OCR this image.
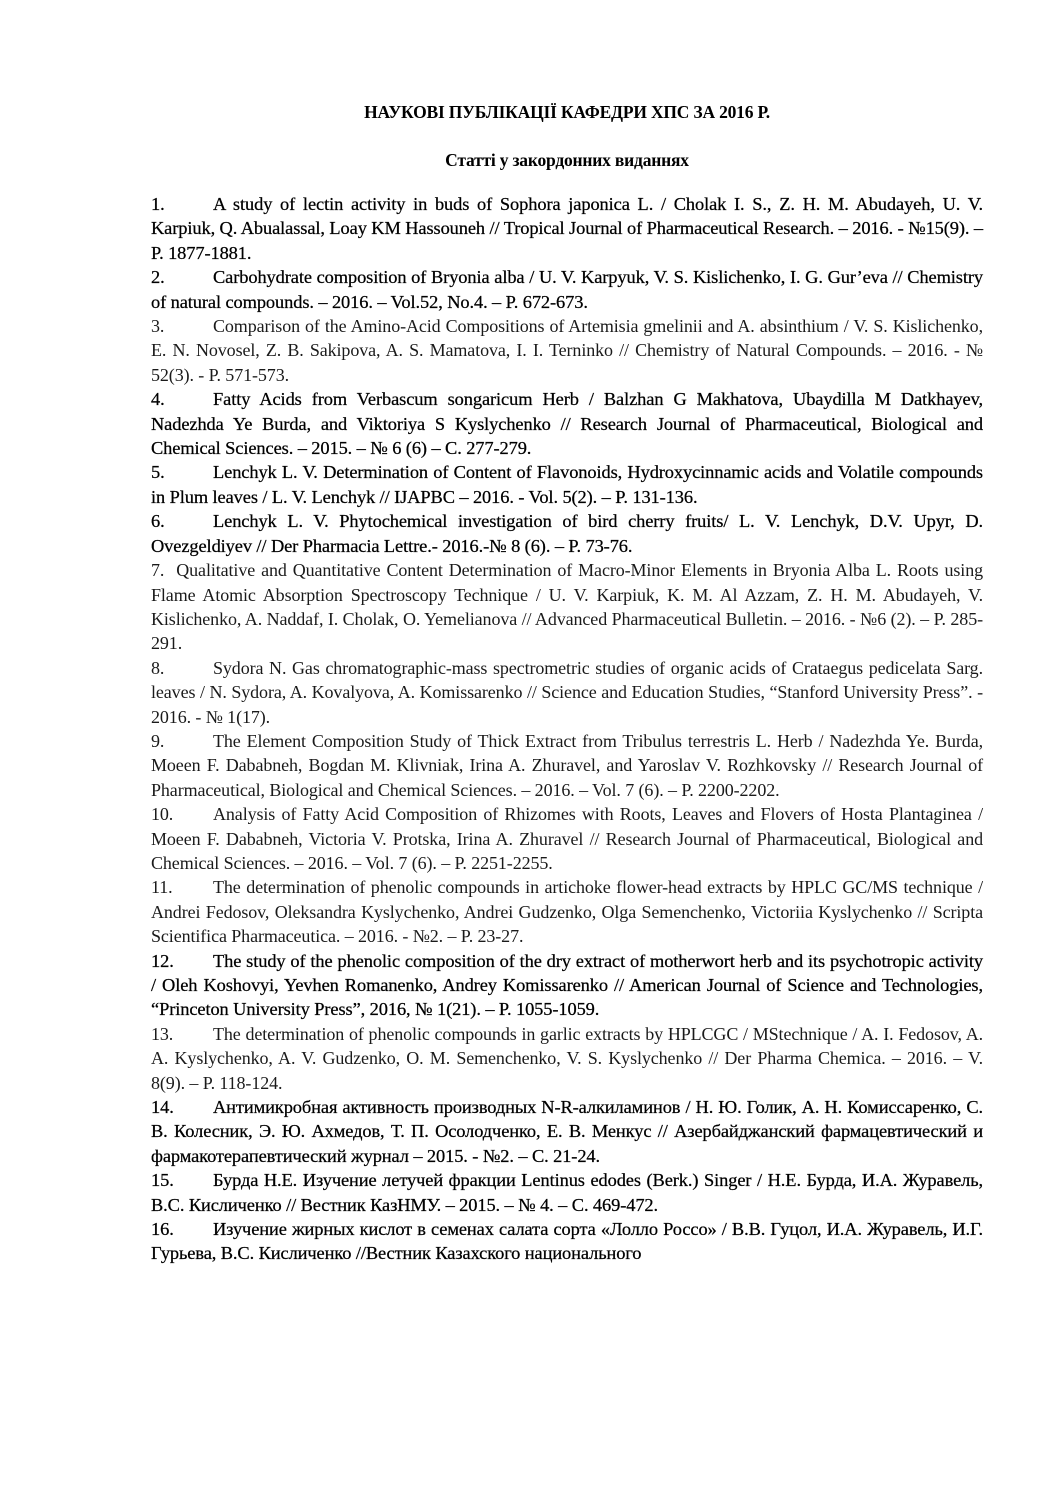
НАУКОВІ ПУБЛІКАЦІЇ КАФЕДРИ ХПС ЗА 2016 Р.
Статті у закордонних виданнях
1.	A study of lectin activity in buds of Sophora japonica L. / Cholak I. S., Z. H. M. Abudayeh, U. V. Karpiuk, Q. Abualassal, Loay KM Hassouneh // Tropical Journal of Pharmaceutical Research. – 2016. - №15(9). – P. 1877-1881.
2.	Carbohydrate composition of Bryonia alba / U. V. Karpyuk, V. S. Kislichenko, I. G. Gur’eva // Chemistry of natural compounds. – 2016. – Vol.52, No.4. – P. 672-673.
3.	Comparison of the Amino-Acid Compositions of Artemisia gmelinii and A. absinthium / V. S. Kislichenko, E. N. Novosel, Z. B. Sakipova, A. S. Mamatova, I. I. Terninko // Chemistry of Natural Compounds. – 2016. - № 52(3). - P. 571-573.
4.	Fatty Acids from Verbascum songaricum Herb / Balzhan G Makhatova, Ubaydilla M Datkhayev, Nadezhda Ye Burda, and Viktoriya S Kyslychenko // Research Journal of Pharmaceutical, Biological and Chemical Sciences. – 2015. – № 6 (6) – С. 277-279.
5.	Lenchyk L. V. Determination of Content of Flavonoids, Hydroxycinnamic acids and Volatile compounds in Plum leaves / L. V. Lenchyk // IJAPBC – 2016. - Vol. 5(2). – P. 131-136.
6.	Lenchyk L. V. Phytochemical investigation of bird cherry fruits/ L. V. Lenchyk, D.V. Upyr, D. Ovezgeldiyev // Der Pharmacia Lettre.- 2016.-№ 8 (6). – P. 73-76.
7. Qualitative and Quantitative Content Determination of Macro-Minor Elements in Bryonia Alba L. Roots using Flame Atomic Absorption Spectroscopy Technique / U. V. Karpiuk, K. M. Al Azzam, Z. H. M. Abudayeh, V. Kislichenko, A. Naddaf, I. Cholak, O. Yemelianova // Advanced Pharmaceutical Bulletin. – 2016. - №6 (2). – P. 285-291.
8.	Sydora N. Gas chromatographic-mass spectrometric studies of organic acids of Crataegus pedicelata Sarg. leaves / N. Sydora, A. Kovalyova, A. Komissarenko // Science and Education Studies, “Stanford University Press”. - 2016. - № 1(17).
9.	The Element Composition Study of Thick Extract from Tribulus terrestris L. Herb / Nadezhda Ye. Burda, Moeen F. Dababneh, Bogdan M. Klivniak, Irina A. Zhuravel, and Yaroslav V. Rozhkovsky // Research Journal of Pharmaceutical, Biological and Chemical Sciences. – 2016. – Vol. 7 (6). – P. 2200-2202.
10. Analysis of Fatty Acid Composition of Rhizomes with Roots, Leaves and Flovers of Hosta Plantaginea / Moeen F. Dababneh, Victoria V. Protska, Irina A. Zhuravel // Research Journal of Pharmaceutical, Biological and Chemical Sciences. – 2016. – Vol. 7 (6). – P. 2251-2255.
11. The determination of phenolic compounds in artichoke flower-head extracts by HPLC GC/MS technique / Andrei Fedosov, Oleksandra Kyslychenko, Andrei Gudzenko, Olga Semenchenko, Victoriia Kyslychenko // Scripta Scientifica Pharmaceutica. – 2016. - №2. – P. 23-27.
12. The study of the phenolic composition of the dry extract of motherwort herb and its psychotropic activity / Oleh Koshovyi, Yevhen Romanenko, Andrey Komissarenko // American Journal of Science and Technologies, “Princeton University Press”, 2016, № 1(21). – P. 1055-1059.
13. The determination of phenolic compounds in garlic extracts by HPLCGC / MStechnique / A. I. Fedosov, A. A. Kyslychenko, A. V. Gudzenko, O. M. Semenchenko, V. S. Kyslychenko // Der Pharma Chemica. – 2016. – V. 8(9). – P. 118-124.
14. Антимикробная активность производных N-R-алкиламинов / Н. Ю. Голик, А. Н. Комиссаренко, С. В. Колесник, Э. Ю. Ахмедов, Т. П. Осолодченко, Е. В. Менкус // Азербайджанский фармацевтический и фармакотерапевтический журнал – 2015. - №2. – С. 21-24.
15. Бурда Н.Е. Изучение летучей фракции Lentinus edodes (Berk.) Singer / Н.Е. Бурда, И.А. Журавель, В.С. Кисличенко // Вестник КазНМУ. – 2015. – № 4. – С. 469-472.
16. Изучение жирных кислот в семенах салата сорта «Лолло Россо» / В.В. Гуцол, И.А. Журавель, И.Г. Гурьева, В.С. Кисличенко //Вестник Казахского национального
